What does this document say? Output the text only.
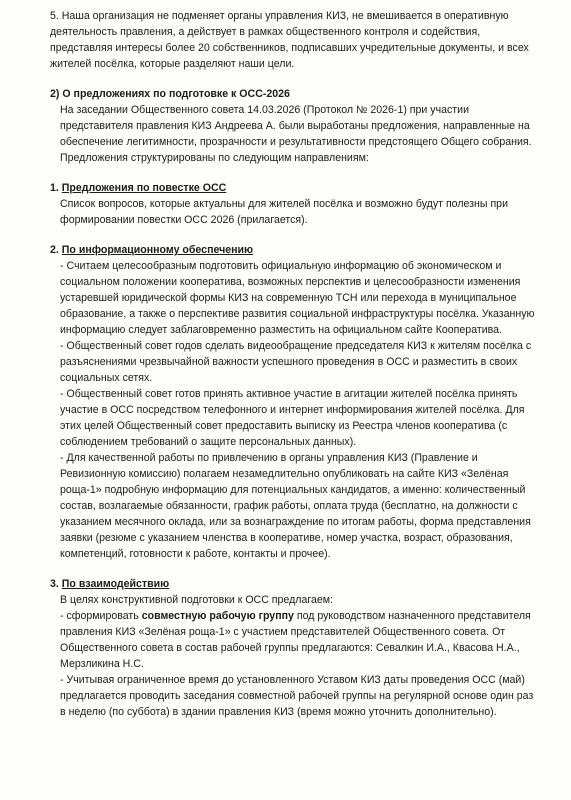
5. Наша организация не подменяет органы управления КИЗ, не вмешивается в оперативную деятельность правления, а действует в рамках общественного контроля и содействия, представляя интересы более 20 собственников, подписавших учредительные документы, и всех жителей посёлка, которые разделяют наши цели.

2) О предложениях по подготовке к ОСС-2026

На заседании Общественного совета 14.03.2026 (Протокол № 2026-1) при участии представителя правления КИЗ Андреева А. были выработаны предложения, направленные на обеспечение легитимности, прозрачности и результативности предстоящего Общего собрания. Предложения структурированы по следующим направлениям:

1. Предложения по повестке ОСС

Список вопросов, которые актуальны для жителей посёлка и возможно будут полезны при формировании повестки ОСС 2026 (прилагается).

2. По информационному обеспечению

- Считаем целесообразным подготовить официальную информацию об экономическом и социальном положении кооператива, возможных перспектив и целесообразности изменения устаревшей юридической формы КИЗ на современную ТСН или перехода в муниципальное образование, а также о перспективе развития социальной инфраструктуры посёлка. Указанную информацию следует заблаговременно разместить на официальном сайте Кооператива.

- Общественный совет годов сделать видеообращение председателя КИЗ к жителям посёлка с разъяснениями чрезвычайной важности успешного проведения в ОСС и разместить в своих социальных сетях.

- Общественный совет готов принять активное участие в агитации жителей посёлка принять участие в ОСС посредством телефонного и интернет информирования жителей посёлка. Для этих целей Общественный совет предоставить выписку из Реестра членов кооператива (с соблюдением требований о защите персональных данных).

- Для качественной работы по привлечению в органы управления КИЗ (Правление и Ревизионную комиссию) полагаем незамедлительно опубликовать на сайте КИЗ «Зелёная роща-1» подробную информацию для потенциальных кандидатов, а именно: количественный состав, возлагаемые обязанности, график работы, оплата труда (бесплатно, на должности с указанием месячного оклада, или за вознаграждение по итогам работы, форма представления заявки (резюме с указанием членства в кооперативе, номер участка, возраст, образования, компетенций, готовности к работе, контакты и прочее).

3. По взаимодействию

В целях конструктивной подготовки к ОСС предлагаем:

- сформировать совместную рабочую группу под руководством назначенного представителя правления КИЗ «Зелёная роща-1» с участием представителей Общественного совета. От Общественного совета в состав рабочей группы предлагаются: Севалкин И.А., Квасова Н.А., Мерзликина Н.С.

- Учитывая ограниченное время до установленного Уставом КИЗ даты проведения ОСС (май) предлагается проводить заседания совместной рабочей группы на регулярной основе один раз в неделю (по суббота) в здании правления КИЗ (время можно уточнить дополнительно).
